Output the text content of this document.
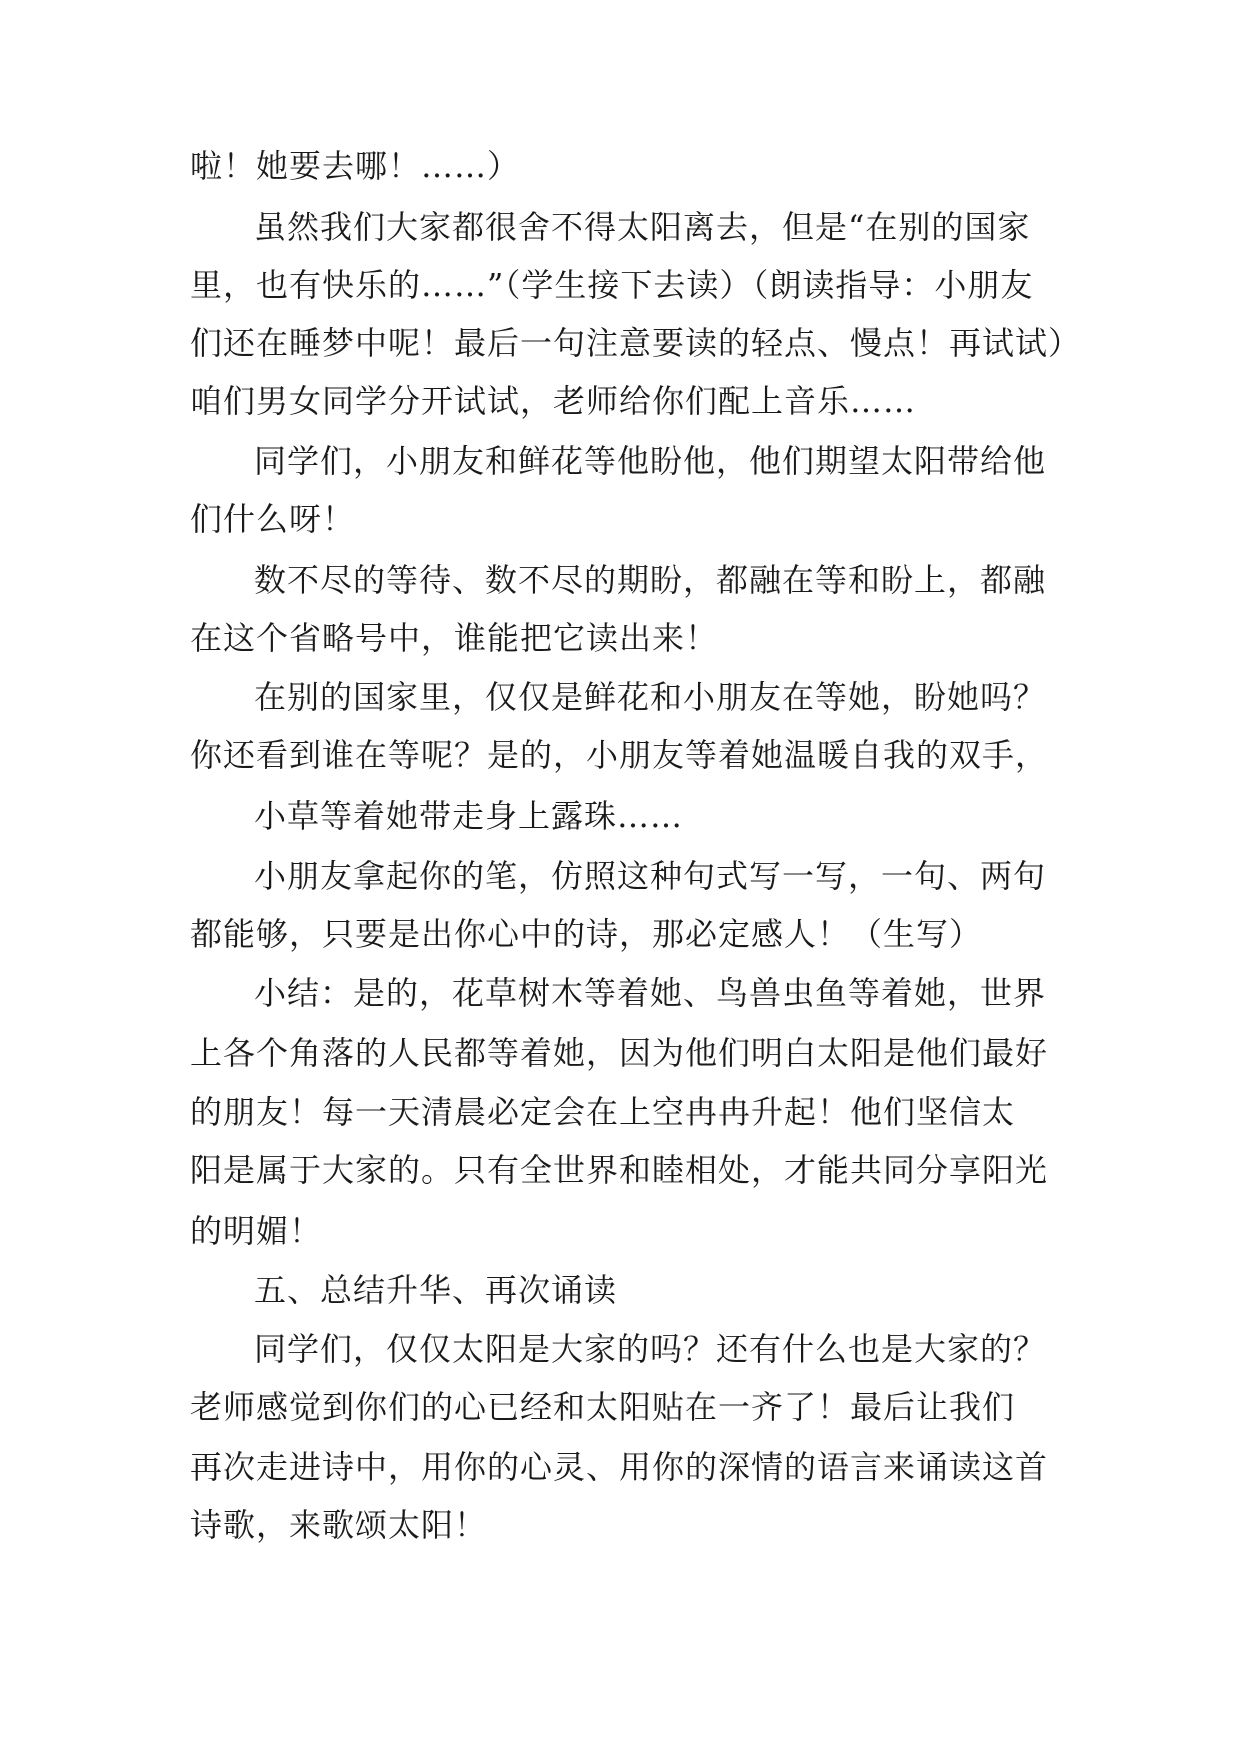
啦！她要去哪！……）
虽然我们大家都很舍不得太阳离去，但是“在别的国家
里，也有快乐的……”（学生接下去读）（朗读指导：小朋友
们还在睡梦中呢！最后一句注意要读的轻点、慢点！再试试）
咱们男女同学分开试试，老师给你们配上音乐……
同学们，小朋友和鲜花等他盼他，他们期望太阳带给他
们什么呀！
数不尽的等待、数不尽的期盼，都融在等和盼上，都融
在这个省略号中，谁能把它读出来！
在别的国家里，仅仅是鲜花和小朋友在等她，盼她吗？
你还看到谁在等呢？是的，小朋友等着她温暖自我的双手，
小草等着她带走身上露珠……
小朋友拿起你的笔，仿照这种句式写一写，一句、两句
都能够，只要是出你心中的诗，那必定感人！（生写）
小结：是的，花草树木等着她、鸟兽虫鱼等着她，世界
上各个角落的人民都等着她，因为他们明白太阳是他们最好
的朋友！每一天清晨必定会在上空冉冉升起！他们坚信太
阳是属于大家的。只有全世界和睦相处，才能共同分享阳光
的明媚！
五、总结升华、再次诵读
同学们，仅仅太阳是大家的吗？还有什么也是大家的？
老师感觉到你们的心已经和太阳贴在一齐了！最后让我们
再次走进诗中，用你的心灵、用你的深情的语言来诵读这首
诗歌，来歌颂太阳！
